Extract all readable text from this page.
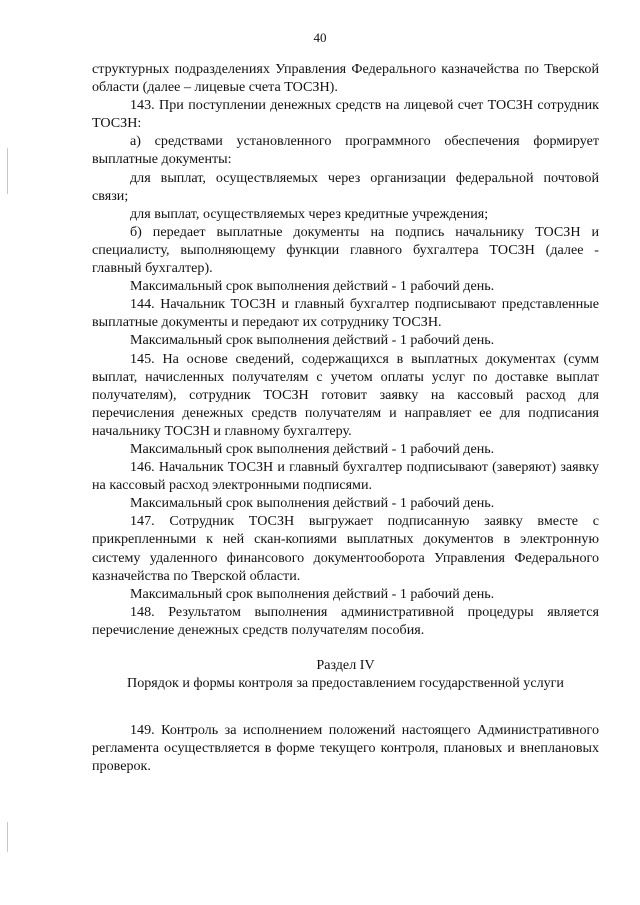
40

структурных подразделениях Управления Федерального казначейства по Тверской области (далее – лицевые счета ТОСЗН).

143. При поступлении денежных средств на лицевой счет ТОСЗН сотрудник ТОСЗН:

а) средствами установленного программного обеспечения формирует выплатные документы:

для выплат, осуществляемых через организации федеральной почтовой связи;

для выплат, осуществляемых через кредитные учреждения;

б) передает выплатные документы на подпись начальнику ТОСЗН и специалисту, выполняющему функции главного бухгалтера ТОСЗН (далее - главный бухгалтер).

Максимальный срок выполнения действий - 1 рабочий день.

144. Начальник ТОСЗН и главный бухгалтер подписывают представленные выплатные документы и передают их сотруднику ТОСЗН.

Максимальный срок выполнения действий - 1 рабочий день.

145. На основе сведений, содержащихся в выплатных документах (сумм выплат, начисленных получателям с учетом оплаты услуг по доставке выплат получателям), сотрудник ТОСЗН готовит заявку на кассовый расход для перечисления денежных средств получателям и направляет ее для подписания начальнику ТОСЗН и главному бухгалтеру.

Максимальный срок выполнения действий - 1 рабочий день.

146. Начальник ТОСЗН и главный бухгалтер подписывают (заверяют) заявку на кассовый расход электронными подписями.

Максимальный срок выполнения действий - 1 рабочий день.

147. Сотрудник ТОСЗН выгружает подписанную заявку вместе с прикрепленными к ней скан-копиями выплатных документов в электронную систему удаленного финансового документооборота Управления Федерального казначейства по Тверской области.

Максимальный срок выполнения действий - 1 рабочий день.

148. Результатом выполнения административной процедуры является перечисление денежных средств получателям пособия.

Раздел IV

Порядок и формы контроля за предоставлением государственной услуги

149. Контроль за исполнением положений настоящего Административного регламента осуществляется в форме текущего контроля, плановых и внеплановых проверок.
